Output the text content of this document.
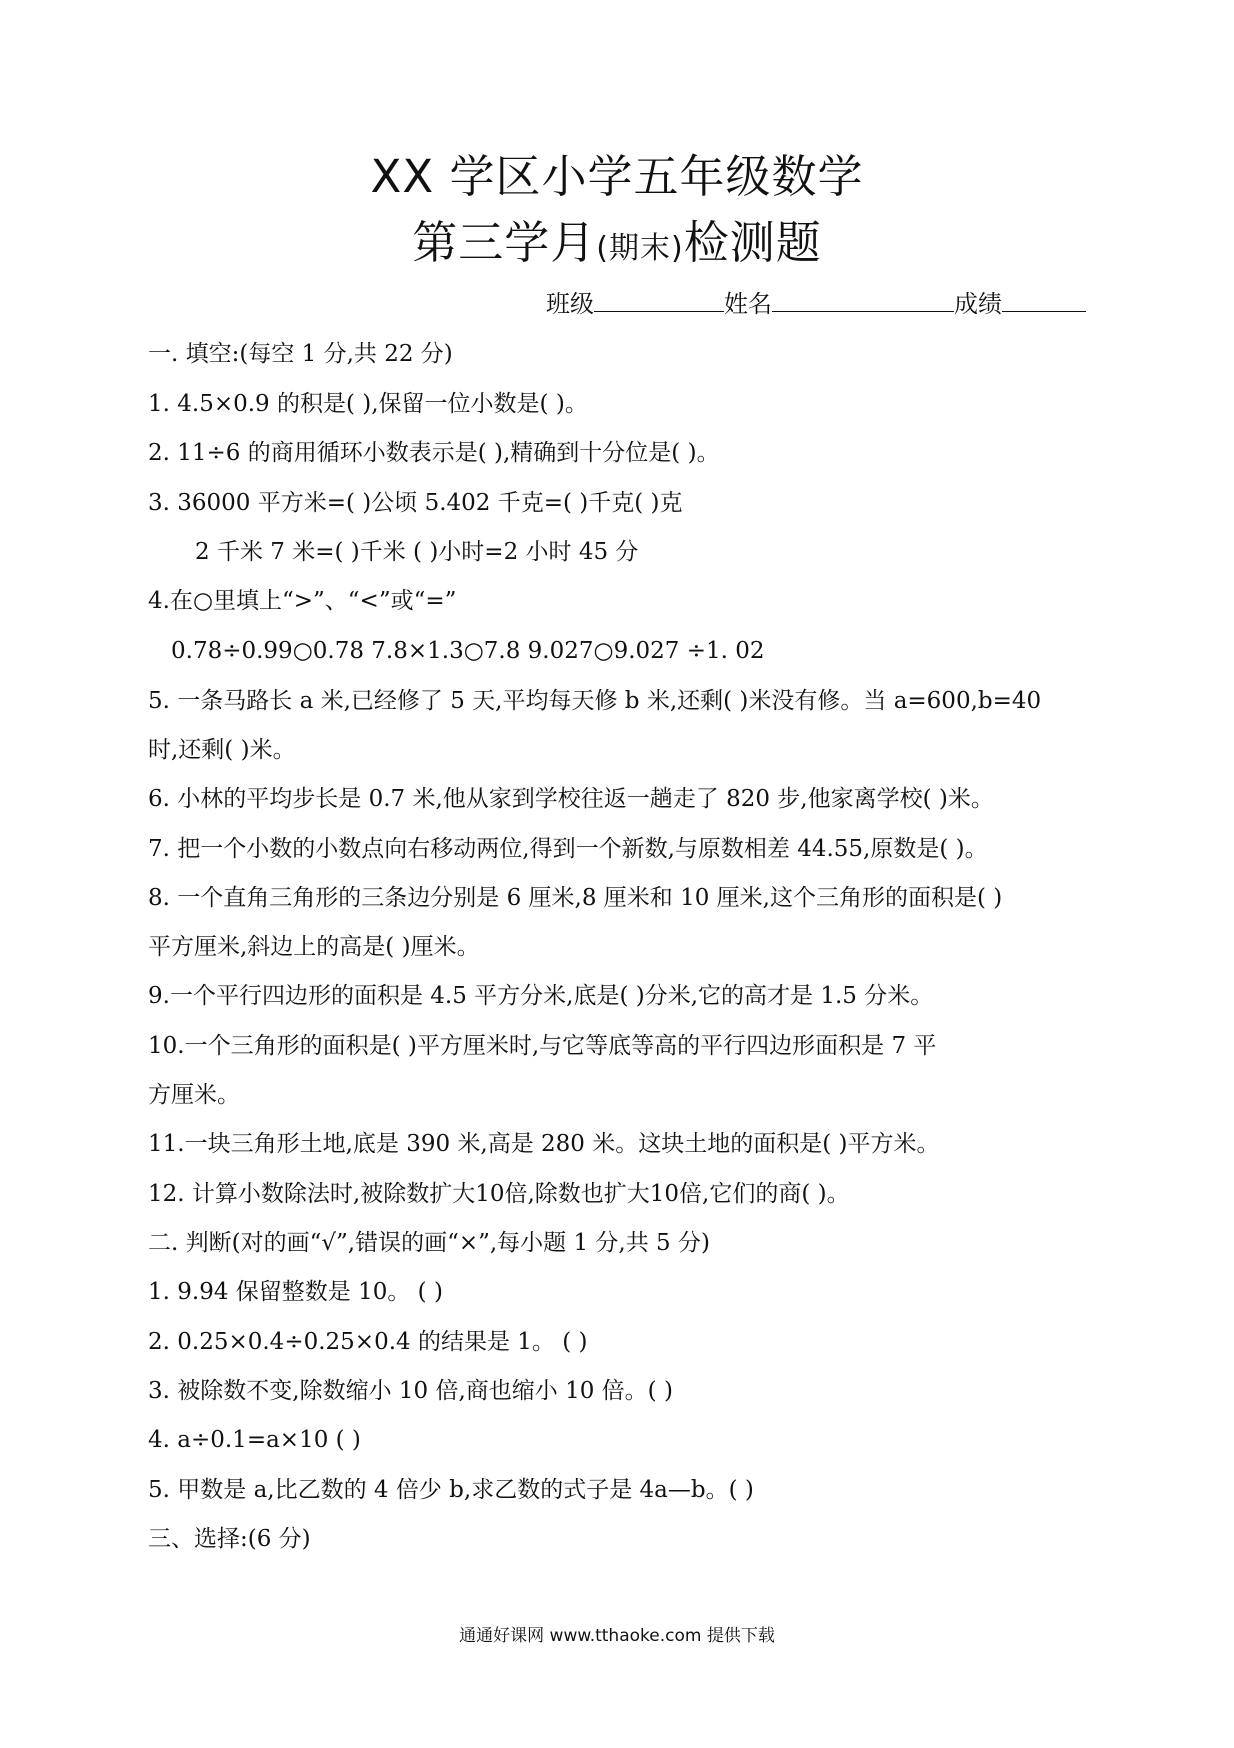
XX 学区小学五年级数学
第三学月(期末)检测题
班级	姓名	成绩
一. 填空:(每空 1 分,共 22 分)
1. 4.5×0.9 的积是( ),保留一位小数是( )。
2. 11÷6 的商用循环小数表示是( ),精确到十分位是( )。
3. 36000 平方米=( )公顷 5.402 千克=( )千克( )克
2 千米 7 米=( )千米 ( )小时=2 小时 45 分
4.在○里填上“>”、“<”或“=”
0.78÷0.99○0.78 7.8×1.3○7.8 9.027○9.027 ÷1. 02
5. 一条马路长 a 米,已经修了 5 天,平均每天修 b 米,还剩( )米没有修。当 a=600,b=40
时,还剩( )米。
6. 小林的平均步长是 0.7 米,他从家到学校往返一趟走了 820 步,他家离学校( )米。
7. 把一个小数的小数点向右移动两位,得到一个新数,与原数相差 44.55,原数是( )。
8. 一个直角三角形的三条边分别是 6 厘米,8 厘米和 10 厘米,这个三角形的面积是( )
平方厘米,斜边上的高是( )厘米。
9.一个平行四边形的面积是 4.5 平方分米,底是( )分米,它的高才是 1.5 分米。
10.一个三角形的面积是( )平方厘米时,与它等底等高的平行四边形面积是 7 平
方厘米。
11.一块三角形土地,底是 390 米,高是 280 米。这块土地的面积是( )平方米。
12. 计算小数除法时,被除数扩大10倍,除数也扩大10倍,它们的商( )。
二. 判断(对的画“√”,错误的画“×”,每小题 1 分,共 5 分)
1. 9.94 保留整数是 10。 ( )
2. 0.25×0.4÷0.25×0.4 的结果是 1。 ( )
3. 被除数不变,除数缩小 10 倍,商也缩小 10 倍。( )
4. a÷0.1=a×10 ( )
5. 甲数是 a,比乙数的 4 倍少 b,求乙数的式子是 4a—b。( )
三、选择:(6 分)
通通好课网 www.tthaoke.com 提供下载
